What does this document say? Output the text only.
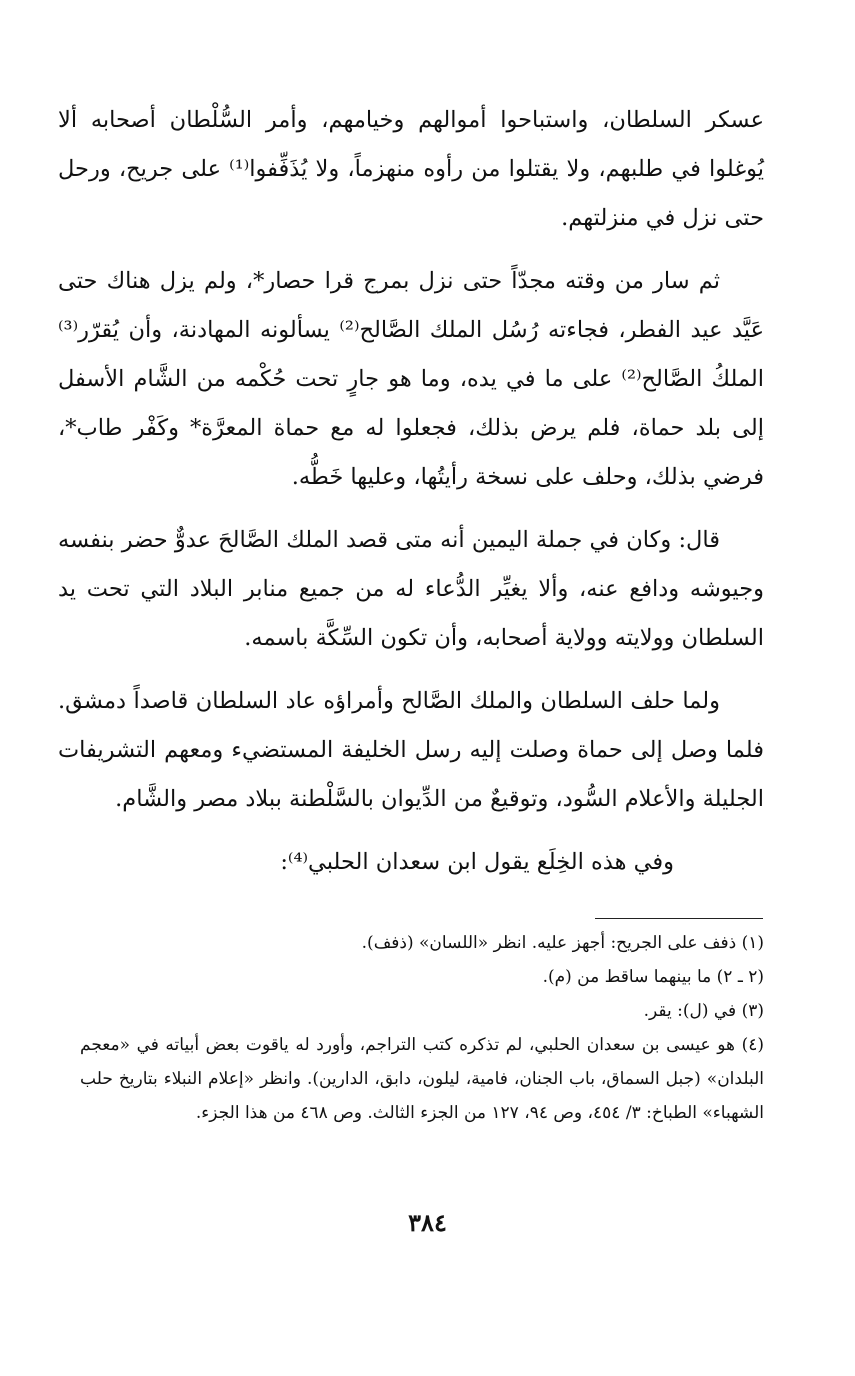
عسكر السلطان، واستباحوا أموالهم وخيامهم، وأمر السُّلْطان أصحابه ألا يُوغلوا في طلبهم، ولا يقتلوا من رأوه منهزماً، ولا يُذَفِّفوا⁽¹⁾ على جريح، ورحل حتى نزل في منزلتهم.

ثم سار من وقته مجدّاً حتى نزل بمرج قرا حصار*، ولم يزل هناك حتى عَيَّد عيد الفطر، فجاءته رُسُل الملك الصَّالح⁽²⁾ يسألونه المهادنة، وأن يُقرّر⁽³⁾ الملكُ الصَّالح⁽²⁾ على ما في يده، وما هو جارٍ تحت حُكْمه من الشَّام الأسفل إلى بلد حماة، فلم يرض بذلك، فجعلوا له مع حماة المعرَّة* وكَفْر طاب*، فرضي بذلك، وحلف على نسخة رأيتُها، وعليها خَطُّه.

قال: وكان في جملة اليمين أنه متى قصد الملك الصَّالحَ عدوٌّ حضر بنفسه وجيوشه ودافع عنه، وألا يغيِّر الدُّعاء له من جميع منابر البلاد التي تحت يد السلطان وولايته وولاية أصحابه، وأن تكون السِّكَّة باسمه.

ولما حلف السلطان والملك الصَّالح وأمراؤه عاد السلطان قاصداً دمشق. فلما وصل إلى حماة وصلت إليه رسل الخليفة المستضيء ومعهم التشريفات الجليلة والأعلام السُّود، وتوقيعٌ من الدِّيوان بالسَّلْطنة ببلاد مصر والشَّام.

وفي هذه الخِلَع يقول ابن سعدان الحلبي⁽⁴⁾:

(١) ذفف على الجريح: أجهز عليه. انظر «اللسان» (ذفف).

(٢ ـ ٢) ما بينهما ساقط من (م).

(٣) في (ل): يقر.

(٤) هو عيسى بن سعدان الحلبي، لم تذكره كتب التراجم، وأورد له ياقوت بعض أبياته في «معجم البلدان» (جبل السماق، باب الجنان، فامية، ليلون، دابق، الدارين). وانظر «إعلام النبلاء بتاريخ حلب الشهباء» الطباخ: ٣/ ٤٥٤، وص ٩٤، ١٢٧ من الجزء الثالث. وص ٤٦٨ من هذا الجزء.

٣٨٤
